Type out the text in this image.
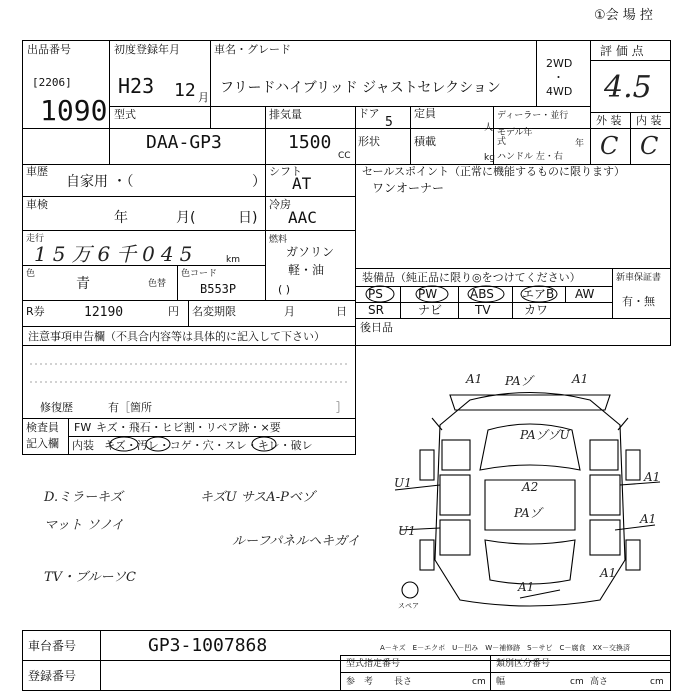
①会 場 控
出品番号
[2206]
1090
初度登録年月
H23 12 月
車名・グレード
フリードハイブリッド ジャストセレクション
2WD
・
4WD
評 価 点
4.5
型式
DAA-GP3
排気量
1500
CC
ドア
5
定員
人
形状	積載
kg
ディーラー・並行
モデル年式	年
ハンドル 左・右
外 装 内 装
C C
車歴
自家用 ・（	）
シフト
AT
冷房
AAC
車検
年	月(	日)
走行
15万6千045	km
燃料
ガソリン
軽・油
( )
色
青	色替
色コード
B553P
R券	12190	円 名変期限	月	日
セールスポイント（正常に機能するものに限ります）
ワンオーナー
装備品（純正品に限り◎をつけてください）	新車保証書
有・無
PS	PW	ABS エアB AW
SR	ナビ	TV	カワ
後日品
注意事項申告欄（不具合内容等は具体的に記入して下さい）
修復歴	有［箇所	］
検査員
記入欄
FW キズ・飛石・ヒビ割・リペア跡・×要
内装 キズ・汚レ・コゲ・穴・スレ・キレ・破レ
D.ミラーキズ	キズU サスA-Pベゾ
マット ソノイ
ルーフパネルヘキガイ
TV・ブルーソC
A1 PAゾ	A1
PAゾゾU
U1	A1
A2
PAゾ	A1
U1
A1
A1
スペア
A－キズ　E－エクボ　U－凹み　W－補修跡　S－サビ　C－腐食　XX－交換済
車台番号	GP3-1007868
登録番号
型式指定番号	類別区分番号
参　考 長さ	cm 幅	cm 高さ	cm
